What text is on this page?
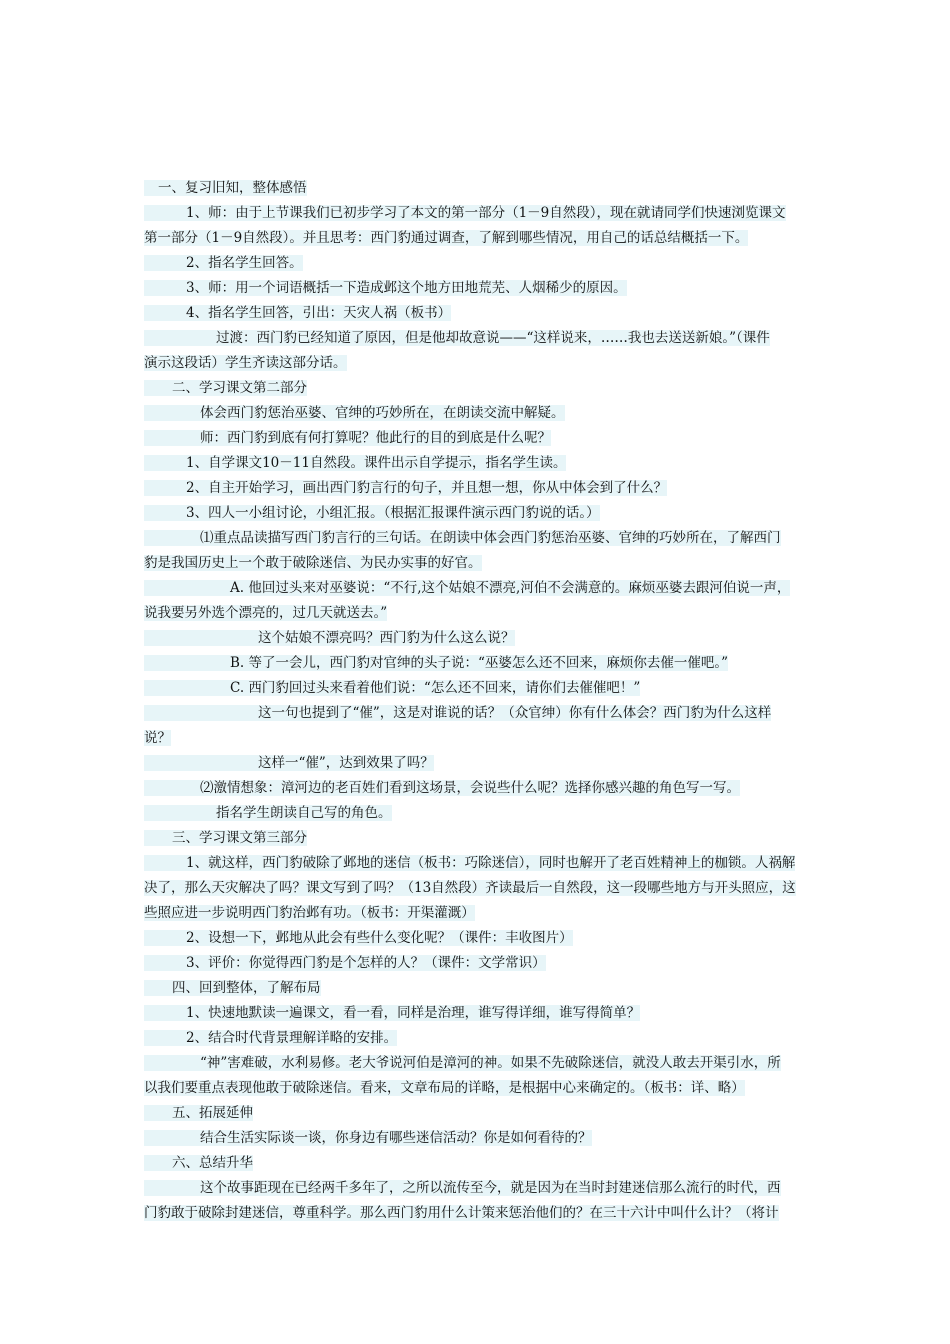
一、复习旧知，整体感悟
1、师：由于上节课我们已初步学习了本文的第一部分（1－9自然段），现在就请同学们快速浏览课文
第一部分（1－9自然段）。并且思考：西门豹通过调查，了解到哪些情况，用自己的话总结概括一下。
2、指名学生回答。
3、师：用一个词语概括一下造成邺这个地方田地荒芜、人烟稀少的原因。
4、指名学生回答，引出：天灾人祸（板书）
过渡：西门豹已经知道了原因，但是他却故意说——“这样说来，……我也去送送新娘。”（课件
演示这段话）学生齐读这部分话。
二、学习课文第二部分
体会西门豹惩治巫婆、官绅的巧妙所在，在朗读交流中解疑。
师：西门豹到底有何打算呢？他此行的目的到底是什么呢？
1、自学课文10－11自然段。课件出示自学提示，指名学生读。
2、自主开始学习，画出西门豹言行的句子，并且想一想，你从中体会到了什么？
3、四人一小组讨论，小组汇报。（根据汇报课件演示西门豹说的话。）
⑴重点品读描写西门豹言行的三句话。在朗读中体会西门豹惩治巫婆、官绅的巧妙所在，了解西门
豹是我国历史上一个敢于破除迷信、为民办实事的好官。
A. 他回过头来对巫婆说：“不行,这个姑娘不漂亮,河伯不会满意的。麻烦巫婆去跟河伯说一声，
说我要另外选个漂亮的，过几天就送去。”
这个姑娘不漂亮吗？西门豹为什么这么说？
B. 等了一会儿，西门豹对官绅的头子说：“巫婆怎么还不回来，麻烦你去催一催吧。”
C. 西门豹回过头来看着他们说：“怎么还不回来，请你们去催催吧！”
这一句也提到了“催”，这是对谁说的话？（众官绅）你有什么体会？西门豹为什么这样
说？
这样一“催”，达到效果了吗？
⑵激情想象：漳河边的老百姓们看到这场景，会说些什么呢？选择你感兴趣的角色写一写。
指名学生朗读自己写的角色。
三、学习课文第三部分
1、就这样，西门豹破除了邺地的迷信（板书：巧除迷信），同时也解开了老百姓精神上的枷锁。人祸解
决了，那么天灾解决了吗？课文写到了吗？（13自然段）齐读最后一自然段，这一段哪些地方与开头照应，这
些照应进一步说明西门豹治邺有功。（板书：开渠灌溉）
2、设想一下，邺地从此会有些什么变化呢？（课件：丰收图片）
3、评价：你觉得西门豹是个怎样的人？（课件：文学常识）
四、回到整体，了解布局
1、快速地默读一遍课文，看一看，同样是治理，谁写得详细，谁写得简单？
2、结合时代背景理解详略的安排。
“神”害难破，水利易修。老大爷说河伯是漳河的神。如果不先破除迷信，就没人敢去开渠引水，所
以我们要重点表现他敢于破除迷信。看来，文章布局的详略，是根据中心来确定的。（板书：详、略）
五、拓展延伸
结合生活实际谈一谈，你身边有哪些迷信活动？你是如何看待的？
六、总结升华
这个故事距现在已经两千多年了，之所以流传至今，就是因为在当时封建迷信那么流行的时代，西
门豹敢于破除封建迷信，尊重科学。那么西门豹用什么计策来惩治他们的？在三十六计中叫什么计？（将计
